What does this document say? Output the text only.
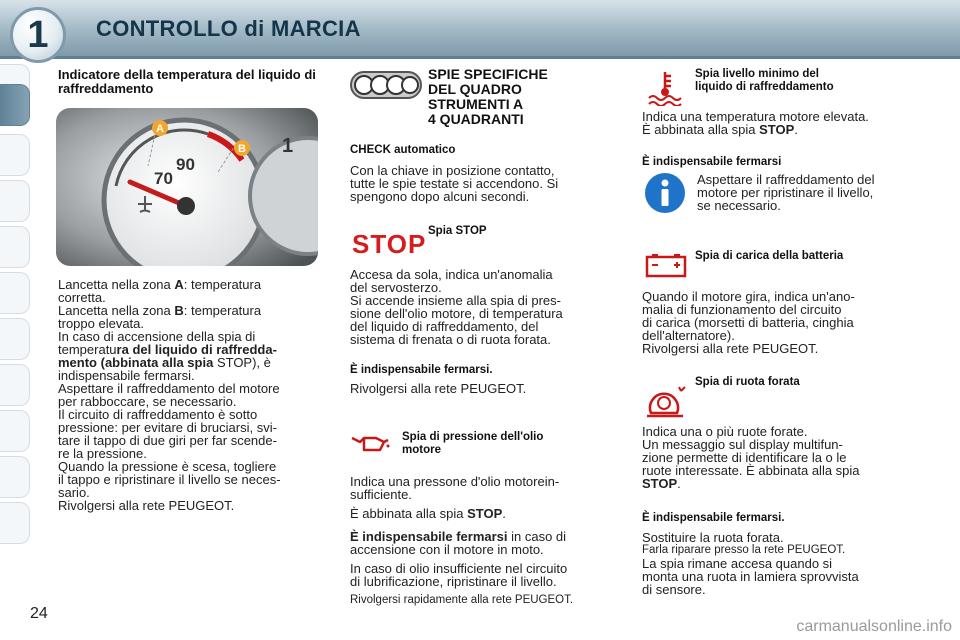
1	CONTROLLO di MARCIA
24
Indicatore della temperatura del liquido di raffreddamento
A
B
70
90
1
Lancetta nella zona A: temperatura
corretta.
Lancetta nella zona B: temperatura
troppo elevata.
In caso di accensione della spia di
temperatura del liquido di raffredda-
mento (abbinata alla spia STOP), è
indispensabile fermarsi.
Aspettare il raffreddamento del motore
per rabboccare, se necessario.
Il circuito di raffreddamento è sotto
pressione: per evitare di bruciarsi, svi-
tare il tappo di due giri per far scende-
re la pressione.
Quando la pressione è scesa, togliere
il tappo e ripristinare il livello se neces-
sario.
Rivolgersi alla rete PEUGEOT.
SPIE SPECIFICHE
DEL QUADRO
STRUMENTI A
4 QUADRANTI
CHECK automatico
Con la chiave in posizione contatto,
tutte le spie testate si accendono. Si
spengono dopo alcuni secondi.
STOP Spia STOP
Accesa da sola, indica un'anomalia
del servosterzo.
Si accende insieme alla spia di pres-
sione dell'olio motore, di temperatura
del liquido di raffreddamento, del
sistema di frenata o di ruota forata.
È indispensabile fermarsi.
Rivolgersi alla rete PEUGEOT.
Spia di pressione dell'olio
motore
Indica una pressone d'olio motorein-
sufficiente.
È abbinata alla spia STOP.
È indispensabile fermarsi in caso di
accensione con il motore in moto.
In caso di olio insufficiente nel circuito
di lubrificazione, ripristinare il livello.
Rivolgersi rapidamente alla rete PEUGEOT.
Spia livello minimo del
liquido di raffreddamento
Indica una temperatura motore elevata.
È abbinata alla spia STOP.
È indispensabile fermarsi
Aspettare il raffreddamento del
motore per ripristinare il livello,
se necessario.
Spia di carica della batteria
Quando il motore gira, indica un'ano-
malia di funzionamento del circuito
di carica (morsetti di batteria, cinghia
dell'alternatore).
Rivolgersi alla rete PEUGEOT.
Spia di ruota forata
Indica una o più ruote forate.
Un messaggio sul display multifun-
zione permette di identificare la o le
ruote interessate. È abbinata alla spia
STOP.
È indispensabile fermarsi.
Sostituire la ruota forata.
Farla riparare presso la rete PEUGEOT.
La spia rimane accesa quando si
monta una ruota in lamiera sprovvista
di sensore.
carmanualsonline.info
